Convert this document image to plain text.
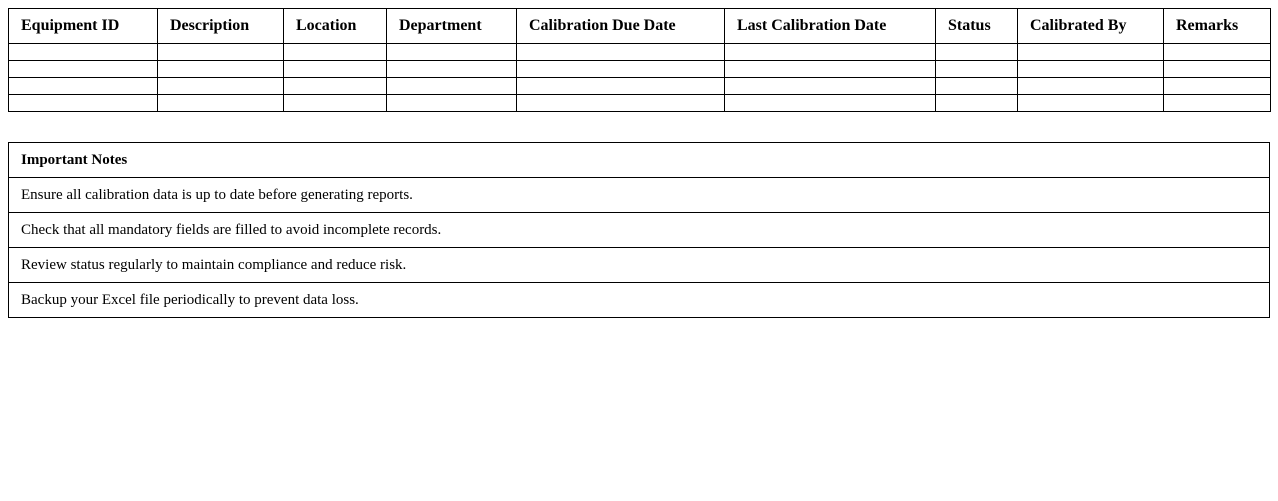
Equipment ID	Description	Location	Department	Calibration Due Date	Last Calibration Date	Status	Calibrated By	Remarks

Important Notes
Ensure all calibration data is up to date before generating reports.
Check that all mandatory fields are filled to avoid incomplete records.
Review status regularly to maintain compliance and reduce risk.
Backup your Excel file periodically to prevent data loss.
